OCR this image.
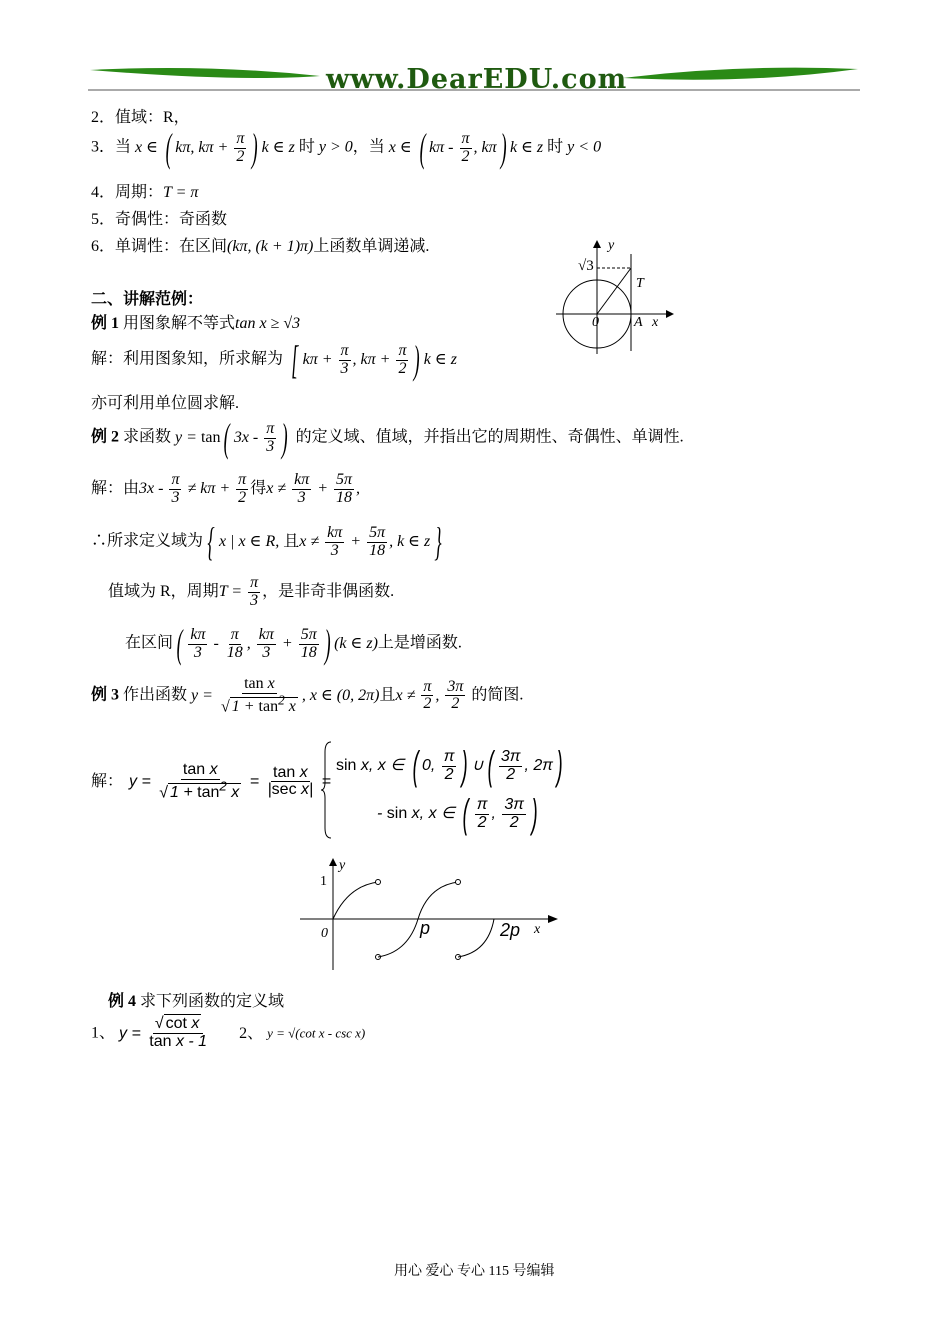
www.DearEDU.com
2．值域：R，
3．当 x ∈ ( kπ, $k\pi + \frac{\pi}{2}$ ) k ∈ z 时 y > 0，当 x ∈ ( kπ - $\frac{\pi}{2}$ , kπ) k ∈ z 时 y < 0
4．周期：T = π
5．奇偶性：奇函数
6．单调性：在区间(kπ, (k + 1)π)上函数单调递减.	y
√3
T
0	A x
二、讲解范例：
例 1 用图象解不等式tan x ≥ √3
解：利用图象知，所求解为 [ $k\pi + \frac{\pi}{3}$ , $k\pi + \frac{\pi}{2}$ ) k ∈ z
亦可利用单位圆求解.
例 2 求函数 y = tan( $3x - \frac{\pi}{3}$ ) 的定义域、值域，并指出它的周期性、奇偶性、单调性.
解：由$3x - \frac{\pi}{3} \ne k\pi + \frac{\pi}{2}$ 得$x \ne \frac{k\pi}{3} + \frac{5\pi}{18}$ ,
∴所求定义域为 { x | x ∈ R, 且$x \ne \frac{k\pi}{3} + \frac{5\pi}{18}$ , k ∈ z }
值域为 R，周期$T = \frac{\pi}{3}$ ，是非奇非偶函数.
在区间( $\frac{k\pi}{3} - \frac{\pi}{18}$ , $\frac{k\pi}{3} + \frac{5\pi}{18}$ ) (k ∈ z)上是增函数.
例 3 作出函数 $y = \frac{\text{tan x}}{√ 1 + \tan^2 x}$ , x ∈ (0, 2π)且$x \ne \frac{\pi}{2}$ , $\frac{3\pi}{2}$ 的简图.
解： $y = \frac{\text{tan x}}{√ 1 + \tan^2 x} = \frac{\text{tan x}}{\text{|sec x|}}$ =
sin x, x ∈ ( 0, $\frac{\pi}{2}$ ) ∪( $\frac{3\pi}{2}$ , 2π)
- sin x, x ∈ ( $\frac{\pi}{2}$ , $\frac{3\pi}{2}$ )
y
1
0	p	2p x
例 4 求下列函数的定义域
1、 $y = \frac{\text{√ cot x}}{\text{tan x - 1}} 2$、 y = √(cot x - csc x)
用心 爱心 专心 115 号编辑
